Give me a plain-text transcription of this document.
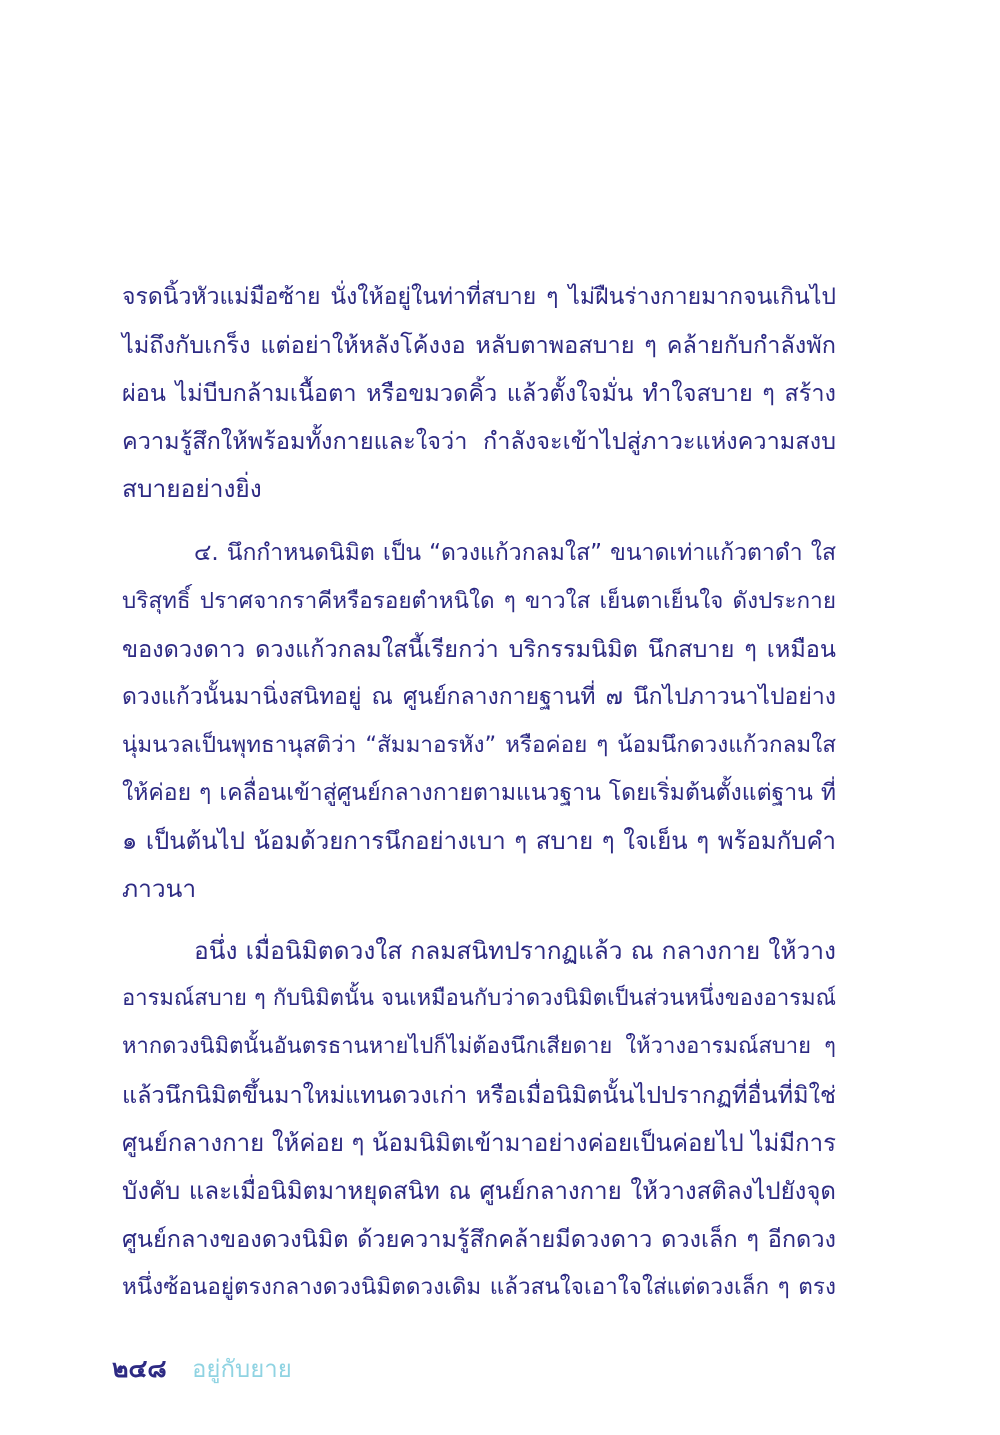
จรดนิ้วหัวแม่มือซ้าย นั่งให้อยู่ในท่าที่สบาย ๆ ไม่ฝืนร่างกายมากจนเกินไป
ไม่ถึงกับเกร็ง แต่อย่าให้หลังโค้งงอ หลับตาพอสบาย ๆ คล้ายกับกำลังพัก
ผ่อน ไม่บีบกล้ามเนื้อตา หรือขมวดคิ้ว แล้วตั้งใจมั่น ทำใจสบาย ๆ สร้าง
ความรู้สึกให้พร้อมทั้งกายและใจว่า กำลังจะเข้าไปสู่ภาวะแห่งความสงบ
สบายอย่างยิ่ง
๔. นึกกำหนดนิมิต เป็น “ดวงแก้วกลมใส” ขนาดเท่าแก้วตาดำ ใส
บริสุทธิ์ ปราศจากราคีหรือรอยตำหนิใด ๆ ขาวใส เย็นตาเย็นใจ ดังประกาย
ของดวงดาว ดวงแก้วกลมใสนี้เรียกว่า บริกรรมนิมิต นึกสบาย ๆ เหมือน
ดวงแก้วนั้นมานิ่งสนิทอยู่ ณ ศูนย์กลางกายฐานที่ ๗ นึกไปภาวนาไปอย่าง
นุ่มนวลเป็นพุทธานุสติว่า “สัมมาอรหัง” หรือค่อย ๆ น้อมนึกดวงแก้วกลมใส
ให้ค่อย ๆ เคลื่อนเข้าสู่ศูนย์กลางกายตามแนวฐาน โดยเริ่มต้นตั้งแต่ฐาน ที่
๑ เป็นต้นไป น้อมด้วยการนึกอย่างเบา ๆ สบาย ๆ ใจเย็น ๆ พร้อมกับคำ
ภาวนา
อนึ่ง เมื่อนิมิตดวงใส กลมสนิทปรากฏแล้ว ณ กลางกาย ให้วาง
อารมณ์สบาย ๆ กับนิมิตนั้น จนเหมือนกับว่าดวงนิมิตเป็นส่วนหนึ่งของอารมณ์
หากดวงนิมิตนั้นอันตรธานหายไปก็ไม่ต้องนึกเสียดาย ให้วางอารมณ์สบาย ๆ
แล้วนึกนิมิตขึ้นมาใหม่แทนดวงเก่า หรือเมื่อนิมิตนั้นไปปรากฏที่อื่นที่มิใช่
ศูนย์กลางกาย ให้ค่อย ๆ น้อมนิมิตเข้ามาอย่างค่อยเป็นค่อยไป ไม่มีการ
บังคับ และเมื่อนิมิตมาหยุดสนิท ณ ศูนย์กลางกาย ให้วางสติลงไปยังจุด
ศูนย์กลางของดวงนิมิต ด้วยความรู้สึกคล้ายมีดวงดาว ดวงเล็ก ๆ อีกดวง
หนึ่งซ้อนอยู่ตรงกลางดวงนิมิตดวงเดิม แล้วสนใจเอาใจใส่แต่ดวงเล็ก ๆ ตรง
๒๔๘ อยู่กับยาย
